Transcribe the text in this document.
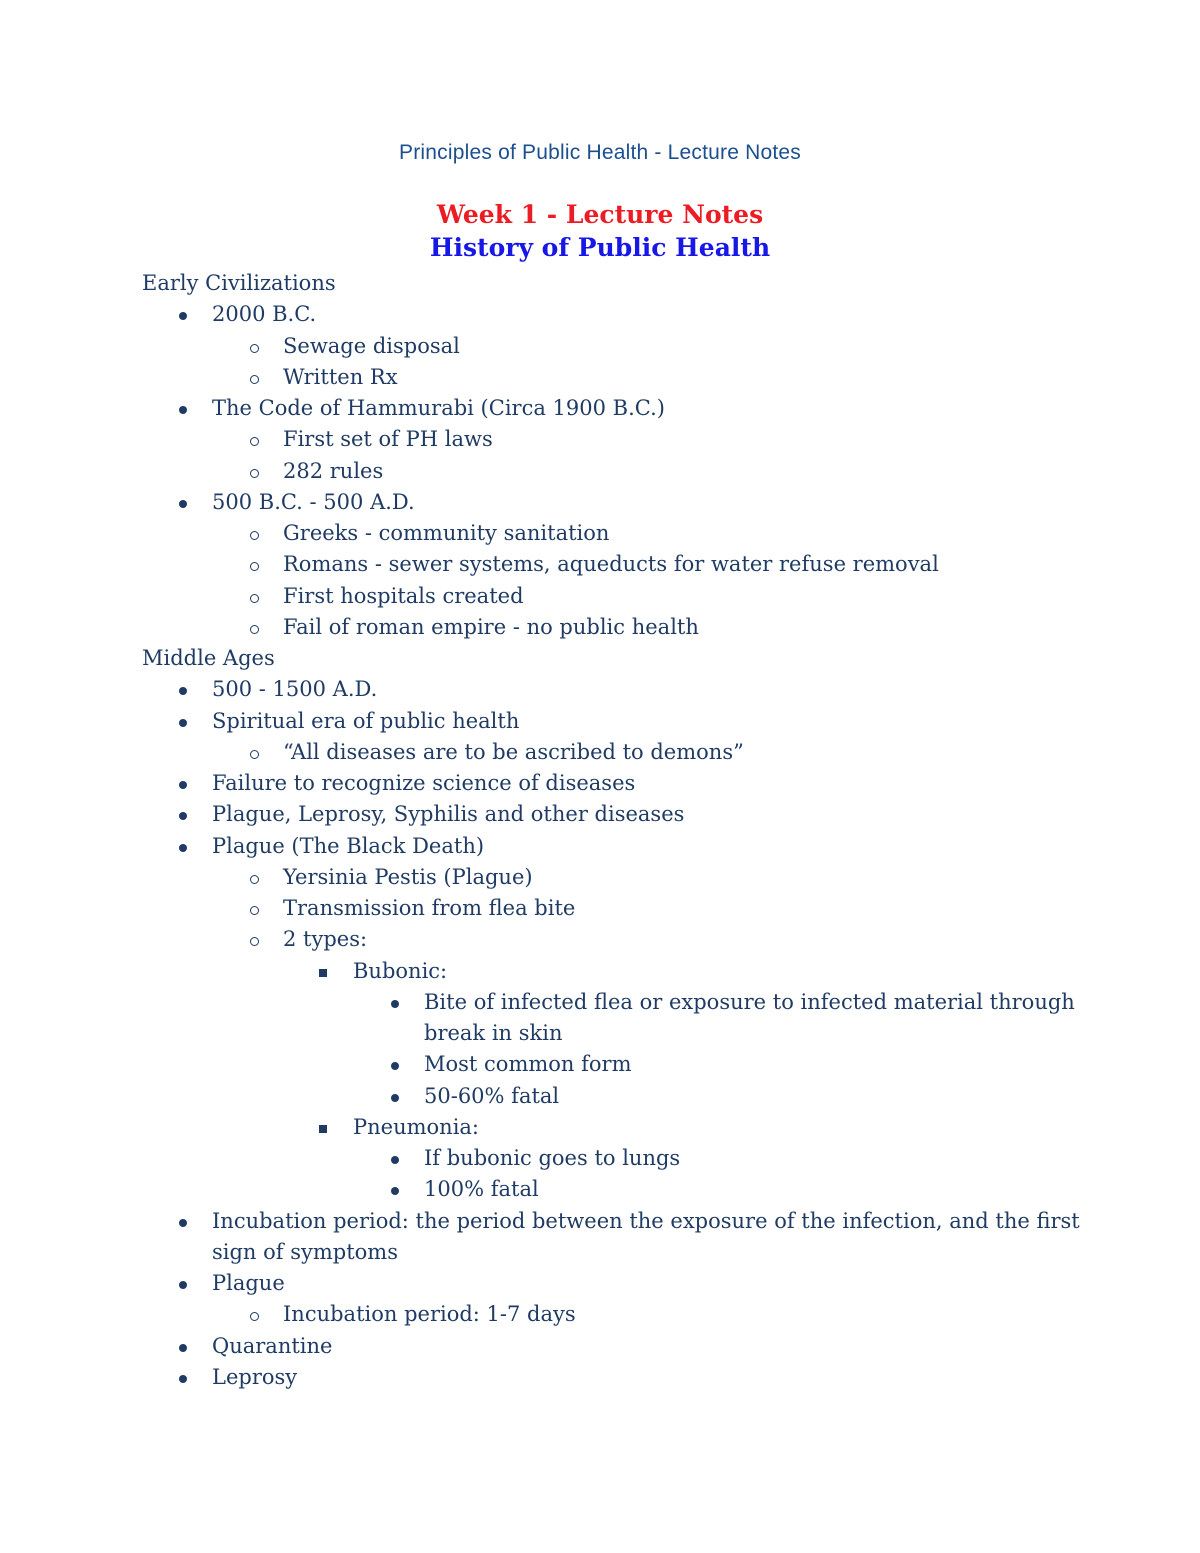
Principles of Public Health - Lecture Notes
Week 1 - Lecture Notes
History of Public Health
Early Civilizations
2000 B.C.
Sewage disposal
Written Rx
The Code of Hammurabi (Circa 1900 B.C.)
First set of PH laws
282 rules
500 B.C. - 500 A.D.
Greeks - community sanitation
Romans - sewer systems, aqueducts for water refuse removal
First hospitals created
Fail of roman empire - no public health
Middle Ages
500 - 1500 A.D.
Spiritual era of public health
“All diseases are to be ascribed to demons”
Failure to recognize science of diseases
Plague, Leprosy, Syphilis and other diseases
Plague (The Black Death)
Yersinia Pestis (Plague)
Transmission from flea bite
2 types:
Bubonic:
Bite of infected flea or exposure to infected material through
break in skin
Most common form
50-60% fatal
Pneumonia:
If bubonic goes to lungs
100% fatal
Incubation period: the period between the exposure of the infection, and the first
sign of symptoms
Plague
Incubation period: 1-7 days
Quarantine
Leprosy
